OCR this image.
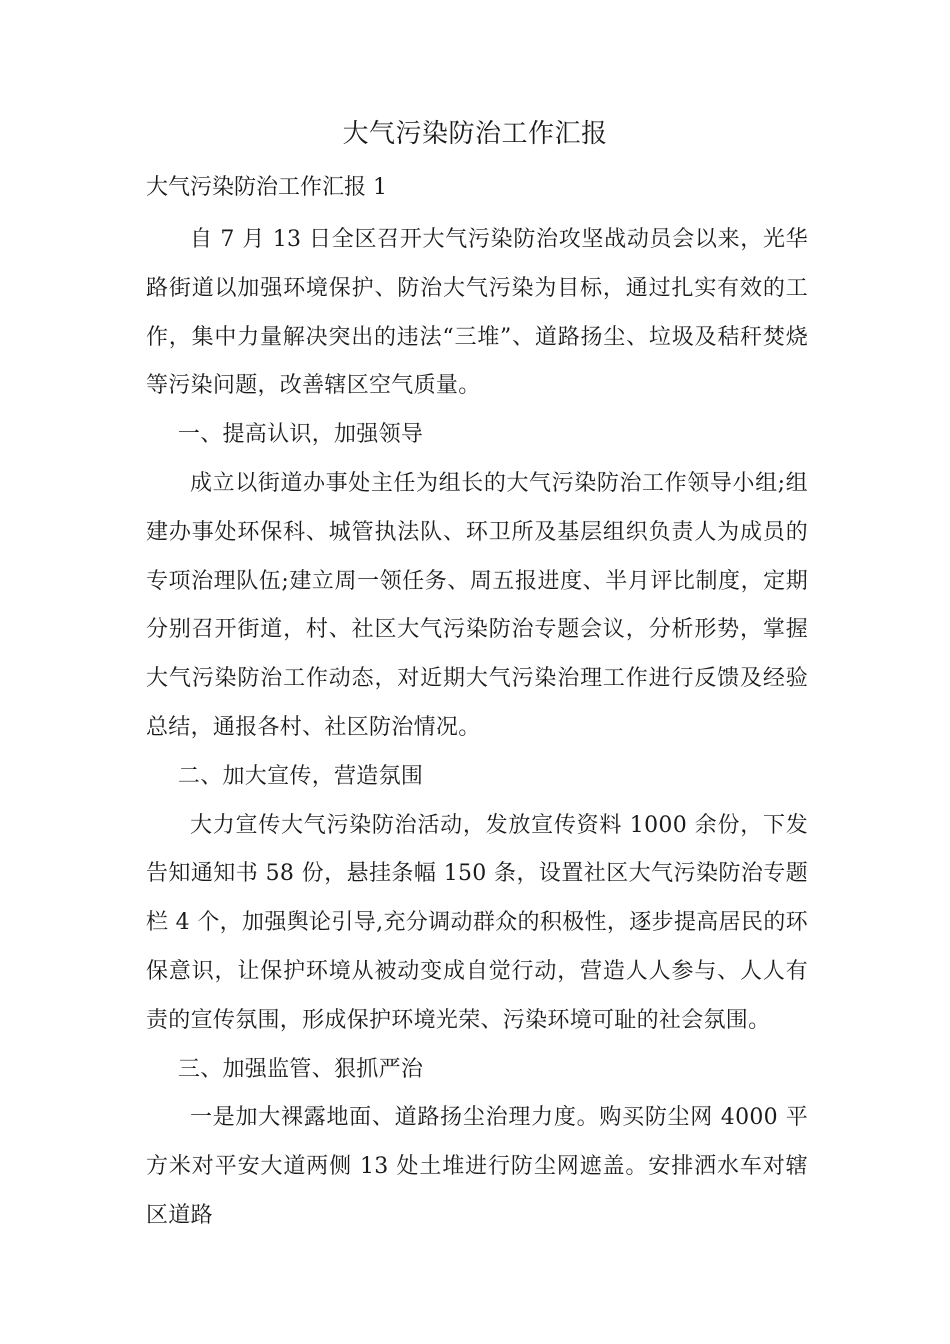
大气污染防治工作汇报

大气污染防治工作汇报 1

自 7 月 13 日全区召开大气污染防治攻坚战动员会以来，光华路街道以加强环境保护、防治大气污染为目标，通过扎实有效的工作，集中力量解决突出的违法“三堆”、道路扬尘、垃圾及秸秆焚烧等污染问题，改善辖区空气质量。

一、提高认识，加强领导

成立以街道办事处主任为组长的大气污染防治工作领导小组;组建办事处环保科、城管执法队、环卫所及基层组织负责人为成员的专项治理队伍;建立周一领任务、周五报进度、半月评比制度，定期分别召开街道，村、社区大气污染防治专题会议，分析形势，掌握大气污染防治工作动态，对近期大气污染治理工作进行反馈及经验总结，通报各村、社区防治情况。

二、加大宣传，营造氛围

大力宣传大气污染防治活动，发放宣传资料 1000 余份，下发告知通知书 58 份，悬挂条幅 150 条，设置社区大气污染防治专题栏 4 个，加强舆论引导,充分调动群众的积极性，逐步提高居民的环保意识，让保护环境从被动变成自觉行动，营造人人参与、人人有责的宣传氛围，形成保护环境光荣、污染环境可耻的社会氛围。

三、加强监管、狠抓严治

一是加大裸露地面、道路扬尘治理力度。购买防尘网 4000 平方米对平安大道两侧 13 处土堆进行防尘网遮盖。安排洒水车对辖区道路
